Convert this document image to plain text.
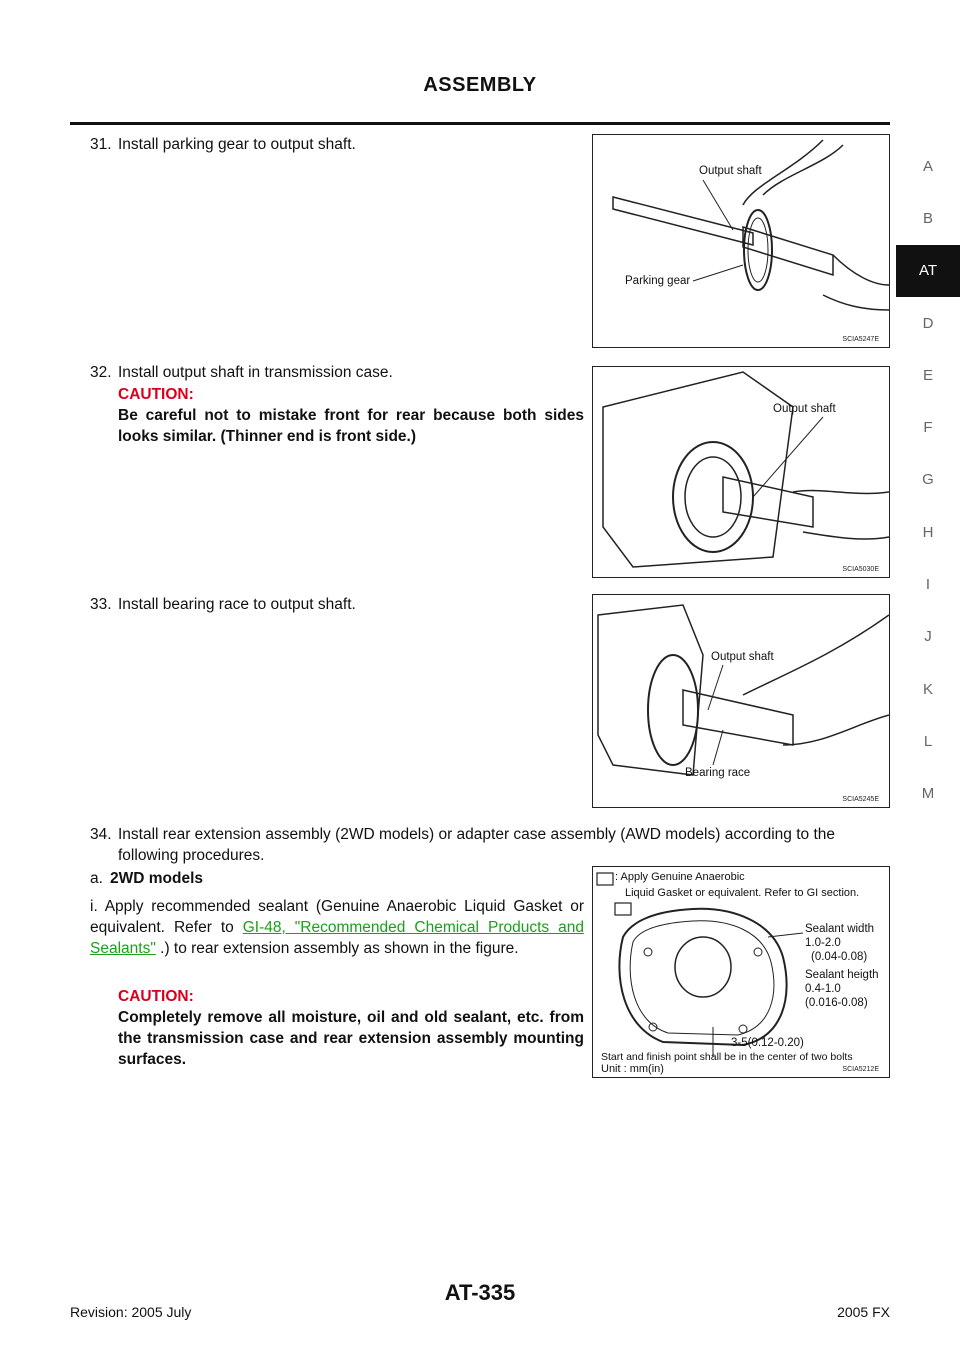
ASSEMBLY
A
B
AT
D
E
F
G
H
I
J
K
L
M
31. Install parking gear to output shaft.
Output shaft
Parking gear
SCIA5247E
32. Install output shaft in transmission case.
CAUTION:
Be careful not to mistake front for rear because both sides looks similar. (Thinner end is front side.)
Output shaft
SCIA5030E
33. Install bearing race to output shaft.
Output shaft
Bearing race
SCIA5245E
34. Install rear extension assembly (2WD models) or adapter case assembly (AWD models) according to the
following procedures.
a. 2WD models
i. Apply recommended sealant (Genuine Anaerobic Liquid Gasket or equivalent. Refer to GI-48, "Recommended Chemical Products and Sealants" .) to rear extension assembly as shown in the figure.
CAUTION:
Completely remove all moisture, oil and old sealant, etc. from the transmission case and rear extension assembly mounting surfaces.
: Apply Genuine Anaerobic
Liquid Gasket or equivalent. Refer to GI section.
Sealant width
1.0-2.0
(0.04-0.08)
Sealant heigth
0.4-1.0
(0.016-0.08)
3-5(0.12-0.20)
Start and finish point shall be in the center of two bolts
Unit : mm(in)	SCIA5212E
AT-335
Revision: 2005 July	2005 FX
